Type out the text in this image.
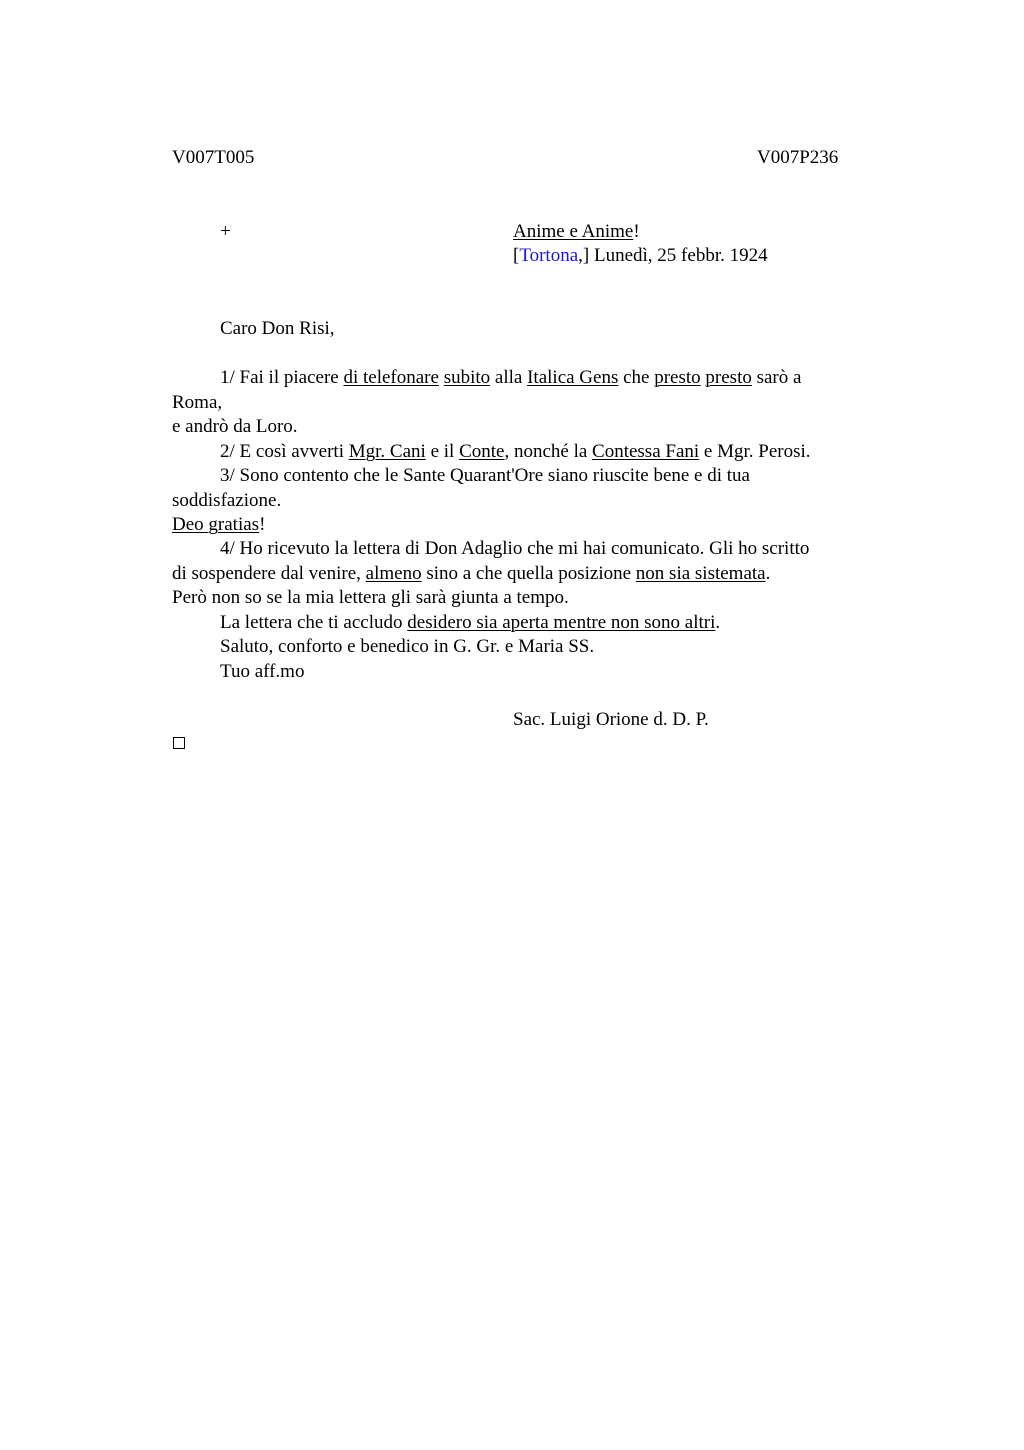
V007T005	V007P236
+	Anime e Anime!
[Tortona,] Lunedì, 25 febbr. 1924
Caro Don Risi,
1/ Fai il piacere di telefonare subito alla Italica Gens che presto presto sarò a
Roma,
e andrò da Loro.
2/ E così avverti Mgr. Cani e il Conte, nonché la Contessa Fani e Mgr. Perosi.
3/ Sono contento che le Sante Quarant'Ore siano riuscite bene e di tua
soddisfazione.
Deo gratias!
4/ Ho ricevuto la lettera di Don Adaglio che mi hai comunicato. Gli ho scritto
di sospendere dal venire, almeno sino a che quella posizione non sia sistemata.
Però non so se la mia lettera gli sarà giunta a tempo.
La lettera che ti accludo desidero sia aperta mentre non sono altri.
Saluto, conforto e benedico in G. Gr. e Maria SS.
Tuo aff.mo
Sac. Luigi Orione d. D. P.
